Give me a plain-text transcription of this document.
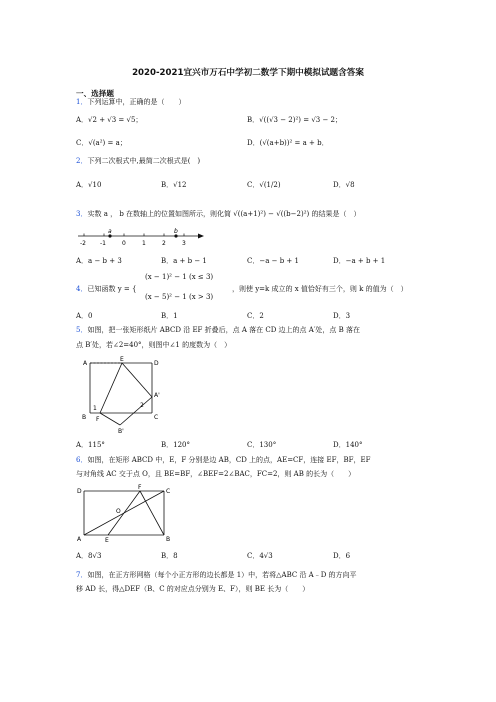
2020-2021宜兴市万石中学初二数学下期中模拟试题含答案
一、选择题
1．下列运算中，正确的是（　　）
A．√2 + √3 = √5；	B．√((√3 − 2)²) = √3 − 2；
C．√(a²) = a；	D．(√(a+b))² = a + b．
2．下列二次根式中,最简二次根式是(　)
A．√10	B．√12	C．√(1/2)	D．√8
3．实数 a ， b 在数轴上的位置如图所示，则化简 √((a+1)²) − √((b−2)²) 的结果是（　）
-2 -1	0	1	2	3
a	b
A．a − b + 3	B．a + b − 1	C．−a − b + 1	D．−a + b + 1
4．已知函数 y = {
(x − 1)² − 1 (x ≤ 3)
(x − 5)² − 1 (x > 3)
，则使 y=k 成立的 x 值恰好有三个，则 k 的值为（　）
A．0	B．1	C．2	D．3
5．如图，把一张矩形纸片 ABCD 沿 EF 折叠后，点 A 落在 CD 边上的点 A′处，点 B 落在
点 B′处，若∠2=40°，则图中∠1 的度数为（　）
A
E
D
A'
B F	C
B'
1	2
A．115°	B．120°	C．130°	D．140°
6．如图，在矩形 ABCD 中，E，F 分别是边 AB，CD 上的点，AE=CF，连接 EF，BF，EF
与对角线 AC 交于点 O，且 BE=BF，∠BEF=2∠BAC，FC=2，则 AB 的长为（　　）
D
F
C
O
A	E	B
A．8√3	B．8	C．4√3	D．6
7．如图，在正方形网格（每个小正方形的边长都是 1）中，若将△ABC 沿 A﹣D 的方向平
移 AD 长，得△DEF（B、C 的对应点分别为 E、F），则 BE 长为（　　）
